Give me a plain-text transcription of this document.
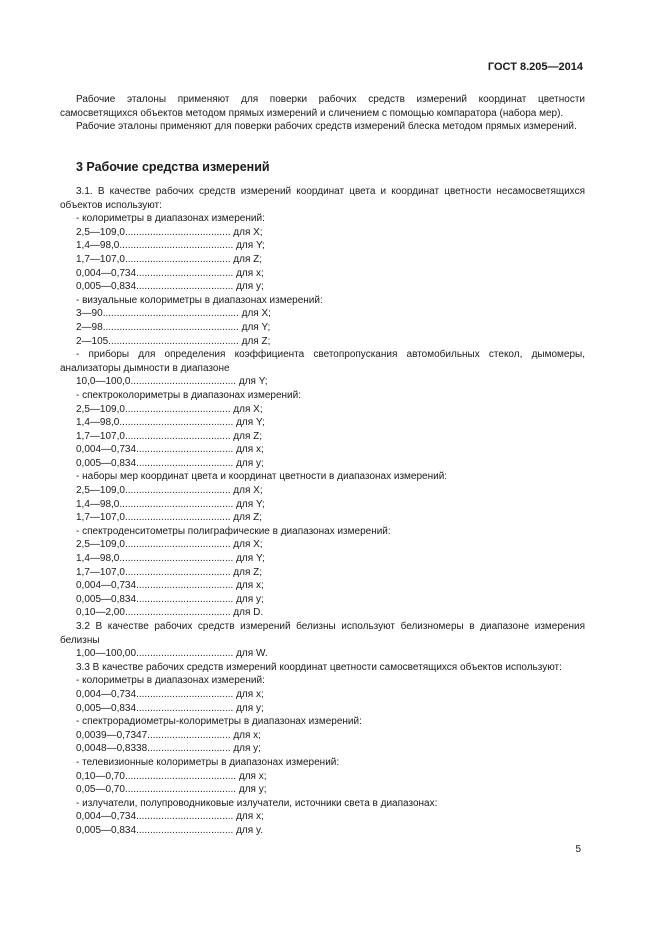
ГОСТ 8.205—2014

Рабочие эталоны применяют для поверки рабочих средств измерений координат цветности самосветящихся объектов методом прямых измерений и сличением с помощью компаратора (набора мер).

Рабочие эталоны применяют для поверки рабочих средств измерений блеска методом прямых измерений.

3 Рабочие средства измерений

3.1. В качестве рабочих средств измерений координат цвета и координат цветности несамосветящихся объектов используют:

- колориметры в диапазонах измерений:

2,5—109,0...................................... для X;

1,4—98,0......................................... для Y;

1,7—107,0...................................... для Z;

0,004—0,734................................... для x;

0,005—0,834................................... для y;

- визуальные колориметры в диапазонах измерений:

3—90................................................. для X;

2—98................................................. для Y;

2—105............................................... для Z;

- приборы для определения коэффициента светопропускания автомобильных стекол, дымомеры, анализаторы дымности в диапазоне

10,0—100,0...................................... для Y;

- спектроколориметры в диапазонах измерений:

2,5—109,0...................................... для X;

1,4—98,0......................................... для Y;

1,7—107,0...................................... для Z;

0,004—0,734................................... для x;

0,005—0,834................................... для y;

- наборы мер координат цвета и координат цветности в диапазонах измерений:

2,5—109,0...................................... для X;

1,4—98,0......................................... для Y;

1,7—107,0...................................... для Z;

- спектроденситометры полиграфические в диапазонах измерений:

2,5—109,0...................................... для X;

1,4—98,0......................................... для Y;

1,7—107,0...................................... для Z;

0,004—0,734................................... для x;

0,005—0,834................................... для y;

0,10—2,00...................................... для D.

3.2 В качестве рабочих средств измерений белизны используют белизномеры в диапазоне измерения белизны

1,00—100,00................................... для W.

3.3 В качестве рабочих средств измерений координат цветности самосветящихся объектов используют:

- колориметры в диапазонах измерений:

0,004—0,734................................... для x;

0,005—0,834................................... для y;

- спектрорадиометры-колориметры в диапазонах измерений:

0,0039—0,7347.............................. для x;

0,0048—0,8338.............................. для y;

- телевизионные колориметры в диапазонах измерений:

0,10—0,70........................................ для x;

0,05—0,70........................................ для y;

- излучатели, полупроводниковые излучатели, источники света в диапазонах:

0,004—0,734................................... для x;

0,005—0,834................................... для y.

5
